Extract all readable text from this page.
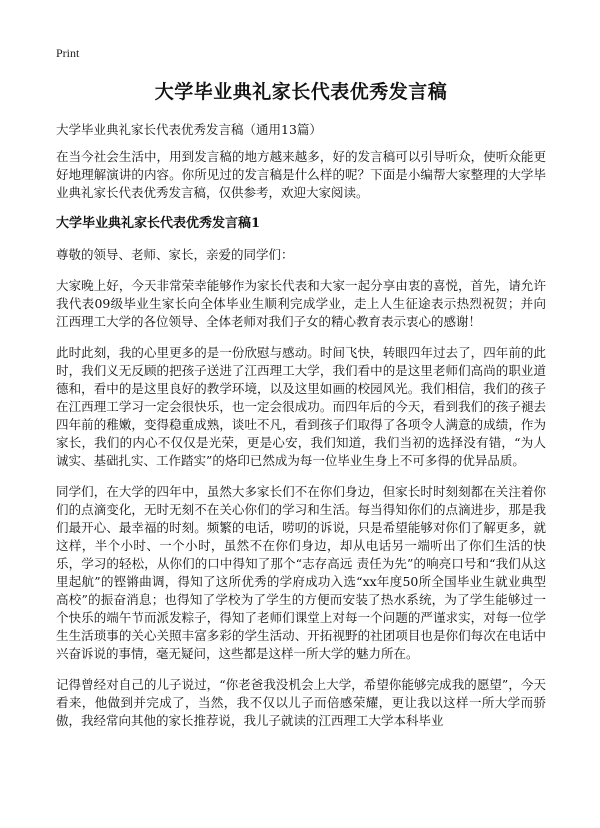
Print
大学毕业典礼家长代表优秀发言稿
大学毕业典礼家长代表优秀发言稿（通用13篇）

在当今社会生活中，用到发言稿的地方越来越多，好的发言稿可以引导听众，使听众能更好地理解演讲的内容。你所见过的发言稿是什么样的呢？下面是小编帮大家整理的大学毕业典礼家长代表优秀发言稿，仅供参考，欢迎大家阅读。

大学毕业典礼家长代表优秀发言稿1

尊敬的领导、老师、家长，亲爱的同学们：

大家晚上好，今天非常荣幸能够作为家长代表和大家一起分享由衷的喜悦，首先，请允许我代表09级毕业生家长向全体毕业生顺利完成学业，走上人生征途表示热烈祝贺；并向江西理工大学的各位领导、全体老师对我们子女的精心教育表示衷心的感谢！

此时此刻，我的心里更多的是一份欣慰与感动。时间飞快，转眼四年过去了，四年前的此时，我们义无反顾的把孩子送进了江西理工大学，我们看中的是这里老师们高尚的职业道德和，看中的是这里良好的教学环境，以及这里如画的校园风光。我们相信，我们的孩子在江西理工学习一定会很快乐，也一定会很成功。而四年后的今天，看到我们的孩子褪去四年前的稚嫩，变得稳重成熟，谈吐不凡，看到孩子们取得了各项令人满意的成绩，作为家长，我们的内心不仅仅是光荣，更是心安，我们知道，我们当初的选择没有错，“为人诚实、基础扎实、工作踏实”的烙印已然成为每一位毕业生身上不可多得的优异品质。

同学们，在大学的四年中，虽然大多家长们不在你们身边，但家长时时刻刻都在关注着你们的点滴变化，无时无刻不在关心你们的学习和生活。每当得知你们的点滴进步，那是我们最开心、最幸福的时刻。频繁的电话，唠叨的诉说，只是希望能够对你们了解更多，就这样，半个小时、一个小时，虽然不在你们身边，却从电话另一端听出了你们生活的快乐，学习的轻松，从你们的口中得知了那个“志存高远 责任为先”的响亮口号和“我们从这里起航”的铿锵曲调，得知了这所优秀的学府成功入选“xx年度50所全国毕业生就业典型高校”的振奋消息；也得知了学校为了学生的方便而安装了热水系统，为了学生能够过一个快乐的端午节而派发粽子，得知了老师们课堂上对每一个问题的严谨求实，对每一位学生生活琐事的关心关照丰富多彩的学生活动、开拓视野的社团项目也是你们每次在电话中兴奋诉说的事情，毫无疑问，这些都是这样一所大学的魅力所在。

记得曾经对自己的儿子说过，“你老爸我没机会上大学，希望你能够完成我的愿望”，今天看来，他做到并完成了，当然，我不仅以儿子而倍感荣耀，更让我以这样一所大学而骄傲，我经常向其他的家长推荐说，我儿子就读的江西理工大学本科毕业
